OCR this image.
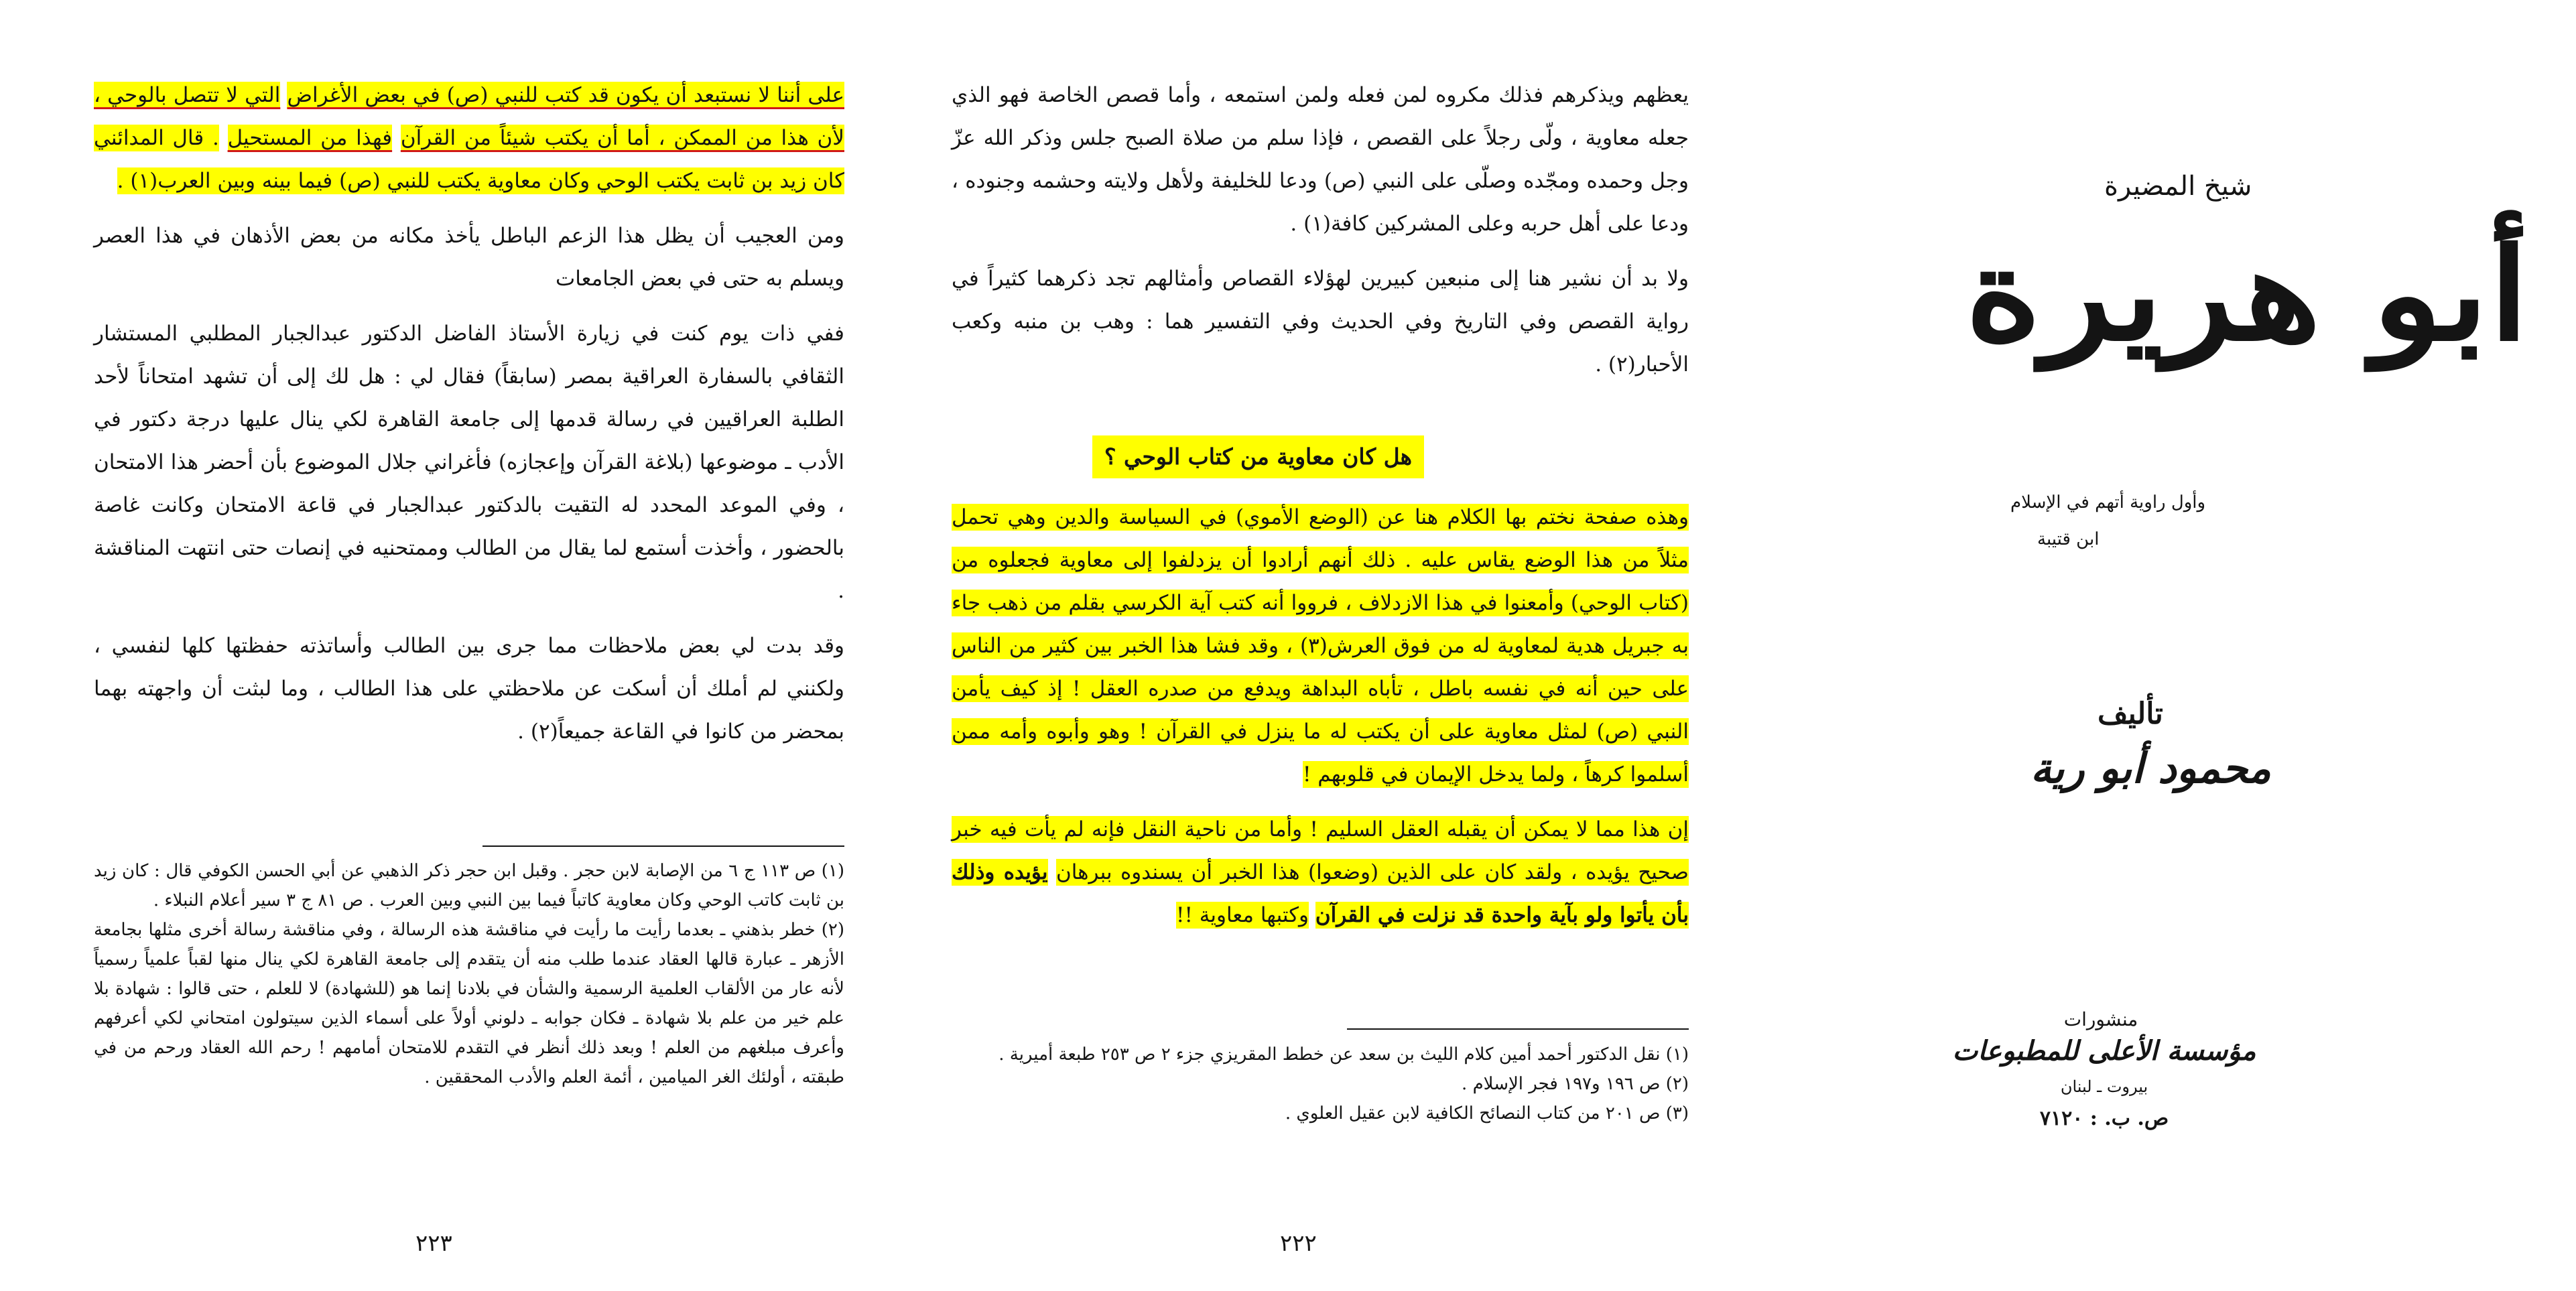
على أننا لا نستبعد أن يكون قد كتب للنبي (ص) في بعض الأغراض التي لا تتصل بالوحي ، لأن هذا من الممكن ، أما أن يكتب شيئاً من القرآن فهذا من المستحيل . قال المدائني كان زيد بن ثابت يكتب الوحي وكان معاوية يكتب للنبي (ص) فيما بينه وبين العرب(١) .

ومن العجيب أن يظل هذا الزعم الباطل يأخذ مكانه من بعض الأذهان في هذا العصر ويسلم به حتى في بعض الجامعات

ففي ذات يوم كنت في زيارة الأستاذ الفاضل الدكتور عبدالجبار المطلبي المستشار الثقافي بالسفارة العراقية بمصر (سابقاً) فقال لي : هل لك إلى أن تشهد امتحاناً لأحد الطلبة العراقيين في رسالة قدمها إلى جامعة القاهرة لكي ينال عليها درجة دكتور في الأدب ـ موضوعها (بلاغة القرآن وإعجازه) فأغراني جلال الموضوع بأن أحضر هذا الامتحان ، وفي الموعد المحدد له التقيت بالدكتور عبدالجبار في قاعة الامتحان وكانت غاصة بالحضور ، وأخذت أستمع لما يقال من الطالب وممتحنيه في إنصات حتى انتهت المناقشة .

وقد بدت لي بعض ملاحظات مما جرى بين الطالب وأساتذته حفظتها كلها لنفسي ، ولكنني لم أملك أن أسكت عن ملاحظتي على هذا الطالب ، وما لبثت أن واجهته بهما بمحضر من كانوا في القاعة جميعاً(٢) .

(١) ص ١١٣ ج ٦ من الإصابة لابن حجر . وقبل ابن حجر ذكر الذهبي عن أبي الحسن الكوفي قال : كان زيد بن ثابت كاتب الوحي وكان معاوية كاتباً فيما بين النبي وبين العرب . ص ٨١ ج ٣ سير أعلام النبلاء .

(٢) خطر بذهني ـ بعدما رأيت ما رأيت في مناقشة هذه الرسالة ، وفي مناقشة رسالة أخرى مثلها بجامعة الأزهر ـ عبارة قالها العقاد عندما طلب منه أن يتقدم إلى جامعة القاهرة لكي ينال منها لقباً علمياً رسمياً لأنه عار من الألقاب العلمية الرسمية والشأن في بلادنا إنما هو (للشهادة) لا للعلم ، حتى قالوا : شهادة بلا علم خير من علم بلا شهادة ـ فكان جوابه ـ دلوني أولاً على أسماء الذين سيتولون امتحاني لكي أعرفهم وأعرف مبلغهم من العلم ! وبعد ذلك أنظر في التقدم للامتحان أمامهم ! رحم الله العقاد ورحم من في طبقته ، أولئك الغر الميامين ، أئمة العلم والأدب المحققين .

٢٢٣

يعظهم ويذكرهم فذلك مكروه لمن فعله ولمن استمعه ، وأما قصص الخاصة فهو الذي جعله معاوية ، ولّى رجلاً على القصص ، فإذا سلم من صلاة الصبح جلس وذكر الله عزّ وجل وحمده ومجّده وصلّى على النبي (ص) ودعا للخليفة ولأهل ولايته وحشمه وجنوده ، ودعا على أهل حربه وعلى المشركين كافة(١) .

ولا بد أن نشير هنا إلى منبعين كبيرين لهؤلاء القصاص وأمثالهم تجد ذكرهما كثيراً في رواية القصص وفي التاريخ وفي الحديث وفي التفسير هما : وهب بن منبه وكعب الأحبار(٢) .

هل كان معاوية من كتاب الوحي ؟

وهذه صفحة نختم بها الكلام هنا عن (الوضع الأموي) في السياسة والدين وهي تحمل مثلاً من هذا الوضع يقاس عليه . ذلك أنهم أرادوا أن يزدلفوا إلى معاوية فجعلوه من (كتاب الوحي) وأمعنوا في هذا الازدلاف ، فرووا أنه كتب آية الكرسي بقلم من ذهب جاء به جبريل هدية لمعاوية له من فوق العرش(٣) ، وقد فشا هذا الخبر بين كثير من الناس على حين أنه في نفسه باطل ، تأباه البداهة ويدفع من صدره العقل ! إذ كيف يأمن النبي (ص) لمثل معاوية على أن يكتب له ما ينزل في القرآن ! وهو وأبوه وأمه ممن أسلموا كرهاً ، ولما يدخل الإيمان في قلوبهم !

إن هذا مما لا يمكن أن يقبله العقل السليم ! وأما من ناحية النقل فإنه لم يأت فيه خبر صحيح يؤيده ، ولقد كان على الذين (وضعوا) هذا الخبر أن يسندوه ببرهان يؤيده وذلك بأن يأتوا ولو بآية واحدة قد نزلت في القرآن وكتبها معاوية !!

(١) نقل الدكتور أحمد أمين كلام الليث بن سعد عن خطط المقريزي جزء ٢ ص ٢٥٣ طبعة أميرية .

(٢) ص ١٩٦ و١٩٧ فجر الإسلام .

(٣) ص ٢٠١ من كتاب النصائح الكافية لابن عقيل العلوي .

٢٢٢
شيخ المضيرة
أبو هريرة
وأول راوية أتهم في الإسلام
ابن قتيبة
تأليف
محمود أبو رية
منشورات
مؤسسة الأعلى للمطبوعات
بيروت ـ لبنان
ص. ب. : ٧١٢٠
